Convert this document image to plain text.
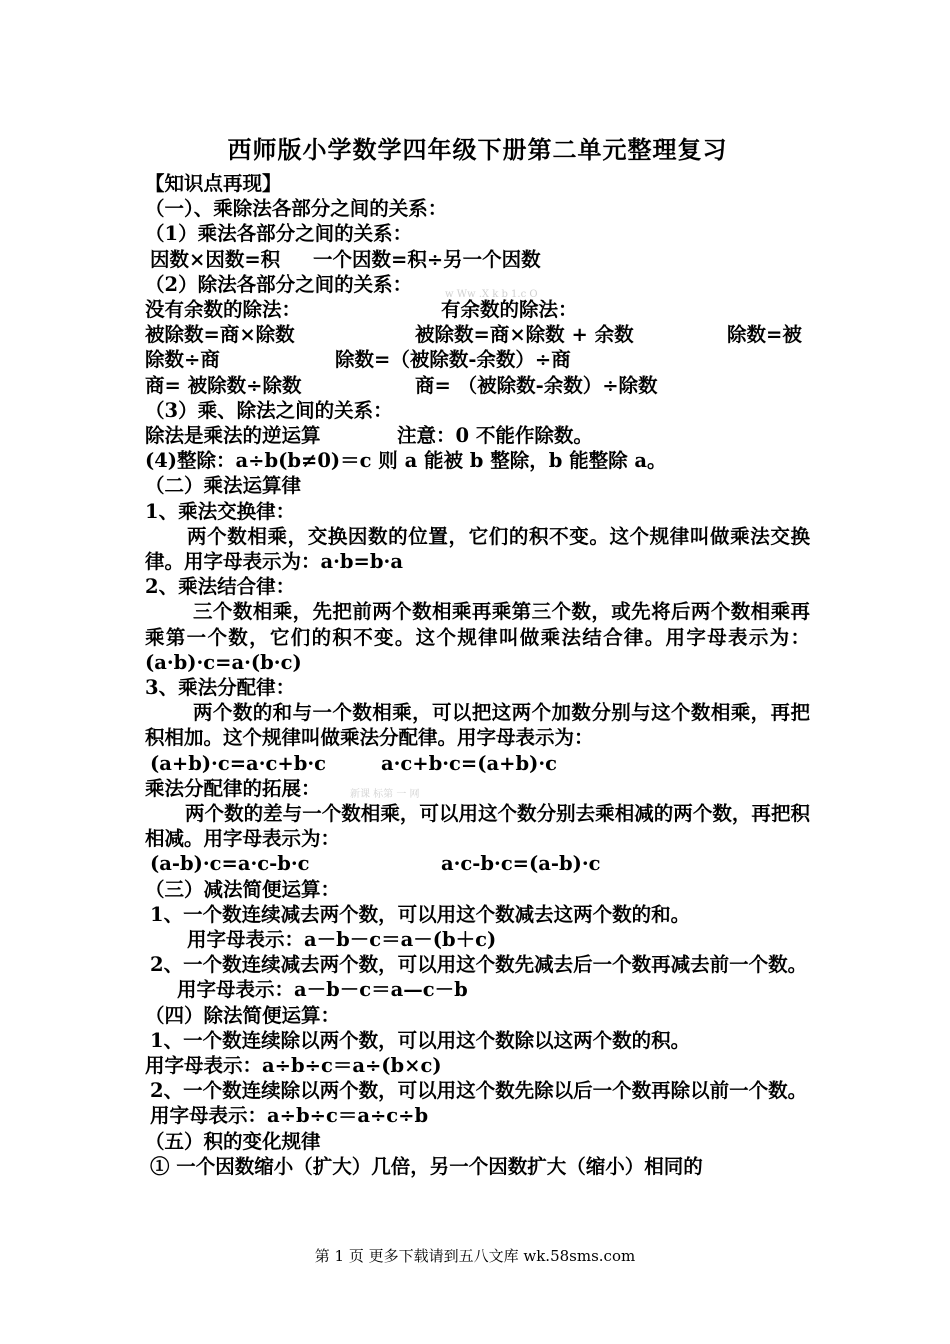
西师版小学数学四年级下册第二单元整理复习
【知识点再现】
（一）、乘除法各部分之间的关系：
（1）乘法各部分之间的关系：
因数×因数=积 一个因数=积÷另一个因数
（2）除法各部分之间的关系：	w Ww .X k b 1.c O
没有余数的除法：	有余数的除法：
被除数=商×除数	被除数=商×除数 + 余数	除数=被
除数÷商	除数=（被除数-余数）÷商
商= 被除数÷除数	商= （被除数-余数）÷除数
（3）乘、除法之间的关系：
除法是乘法的逆运算	注意：0 不能作除数。
(4)整除：a÷b(b≠0)＝c 则 a 能被 b 整除，b 能整除 a。
（二）乘法运算律
1、乘法交换律：
两个数相乘，交换因数的位置，它们的积不变。这个规律叫做乘法交换律。用字母表示为：a·b=b·a
2、乘法结合律：
三个数相乘，先把前两个数相乘再乘第三个数，或先将后两个数相乘再乘第一个数，它们的积不变。这个规律叫做乘法结合律。用字母表示为：(a·b)·c=a·(b·c)
3、乘法分配律：
两个数的和与一个数相乘，可以把这两个加数分别与这个数相乘，再把积相加。这个规律叫做乘法分配律。用字母表示为：
(a+b)·c=a·c+b·c	a·c+b·c=(a+b)·c
乘法分配律的拓展：	新课 标第 一 网
两个数的差与一个数相乘，可以用这个数分别去乘相减的两个数，再把积相减。用字母表示为：
(a-b)·c=a·c-b·c	a·c-b·c=(a-b)·c
（三）减法简便运算：
1、一个数连续减去两个数，可以用这个数减去这两个数的和。
用字母表示：a－b－c＝a－(b＋c)
2、一个数连续减去两个数，可以用这个数先减去后一个数再减去前一个数。
用字母表示：a－b－c＝a—c－b
（四）除法简便运算：
1、一个数连续除以两个数，可以用这个数除以这两个数的积。
用字母表示：a÷b÷c＝a÷(b×c)
2、一个数连续除以两个数，可以用这个数先除以后一个数再除以前一个数。
用字母表示：a÷b÷c＝a÷c÷b
（五）积的变化规律
① 一个因数缩小（扩大）几倍，另一个因数扩大（缩小）相同的
第 1 页 更多下载请到五八文库 wk.58sms.com
